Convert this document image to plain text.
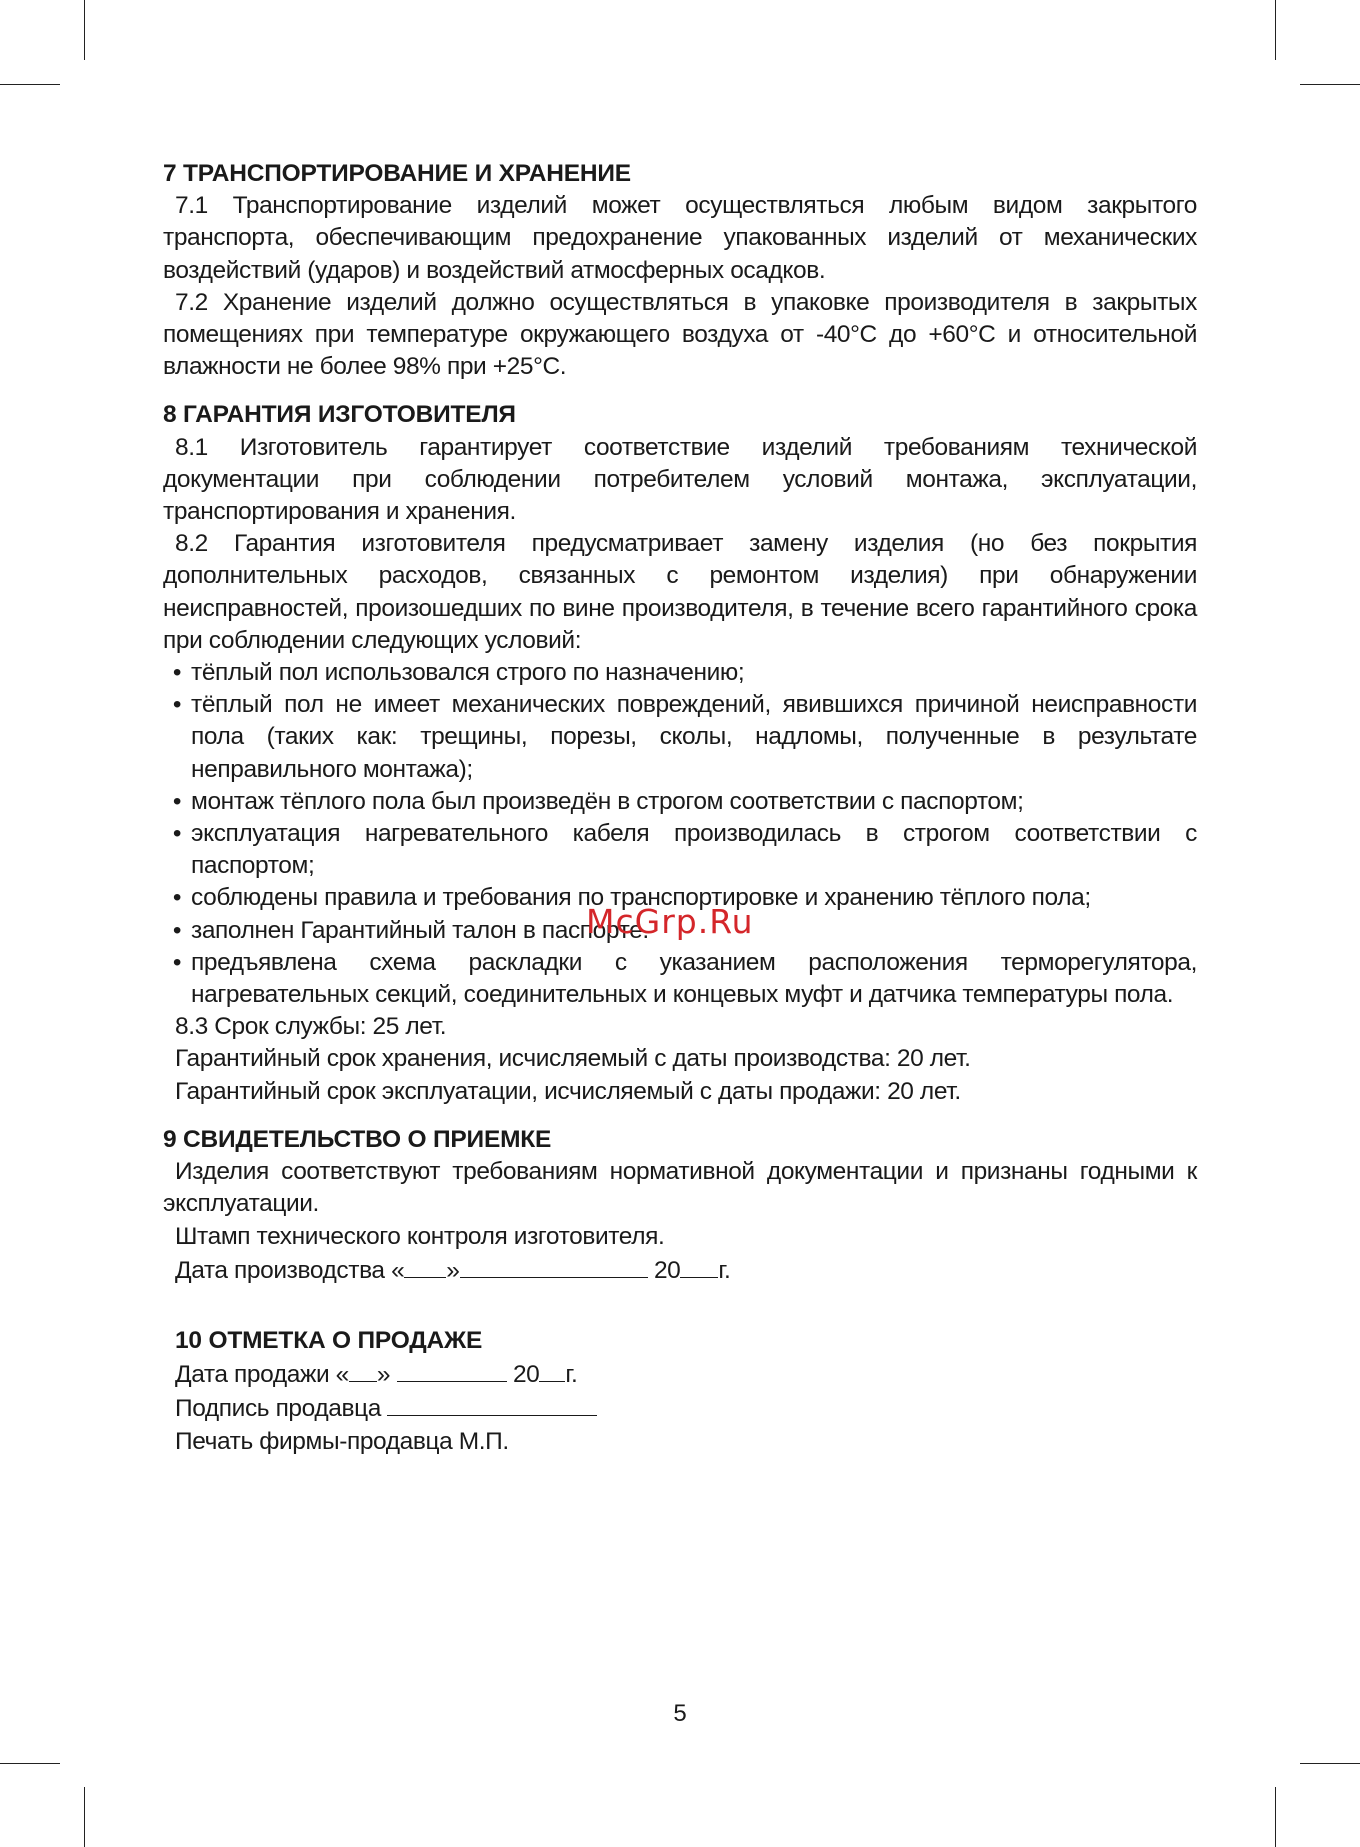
7 ТРАНСПОРТИРОВАНИЕ И ХРАНЕНИЕ

7.1 Транспортирование изделий может осуществляться любым видом закрытого транспорта, обеспечивающим предохранение упакованных изделий от механических воздействий (ударов) и воздействий атмосферных осадков.

7.2 Хранение изделий должно осуществляться в упаковке производителя в закрытых помещениях при температуре окружающего воздуха от -40°С до +60°С и относительной влажности не более 98% при +25°С.

8 ГАРАНТИЯ ИЗГОТОВИТЕЛЯ

8.1 Изготовитель гарантирует соответствие изделий требованиям технической документации при соблюдении потребителем условий монтажа, эксплуатации, транспортирования и хранения.

8.2 Гарантия изготовителя предусматривает замену изделия (но без покрытия дополнительных расходов, связанных с ремонтом изделия) при обнаружении неисправностей, произошедших по вине производителя, в течение всего гарантийного срока при соблюдении следующих условий:

• тёплый пол использовался строго по назначению;
• тёплый пол не имеет механических повреждений, явившихся причиной неисправности пола (таких как: трещины, порезы, сколы, надломы, полученные в результате неправильного монтажа);
• монтаж тёплого пола был произведён в строгом соответствии с паспортом;
• эксплуатация нагревательного кабеля производилась в строгом соответствии с паспортом;
• соблюдены правила и требования по транспортировке и хранению тёплого пола;
• заполнен Гарантийный талон в паспорте.
• предъявлена схема раскладки с указанием расположения терморегулятора, нагревательных секций, соединительных и концевых муфт и датчика температуры пола.

8.3 Срок службы: 25 лет.

Гарантийный срок хранения, исчисляемый с даты производства: 20 лет.

Гарантийный срок эксплуатации, исчисляемый с даты продажи: 20 лет.

9 СВИДЕТЕЛЬСТВО О ПРИЕМКЕ

Изделия соответствуют требованиям нормативной документации и признаны годными к эксплуатации.

Штамп технического контроля изготовителя.
Дата производства « »	20 г.
10 ОТМЕТКА О ПРОДАЖЕ
Дата продажи « »	20 г.
Подпись продавца
Печать фирмы-продавца М.П.
McGrp.Ru
5
